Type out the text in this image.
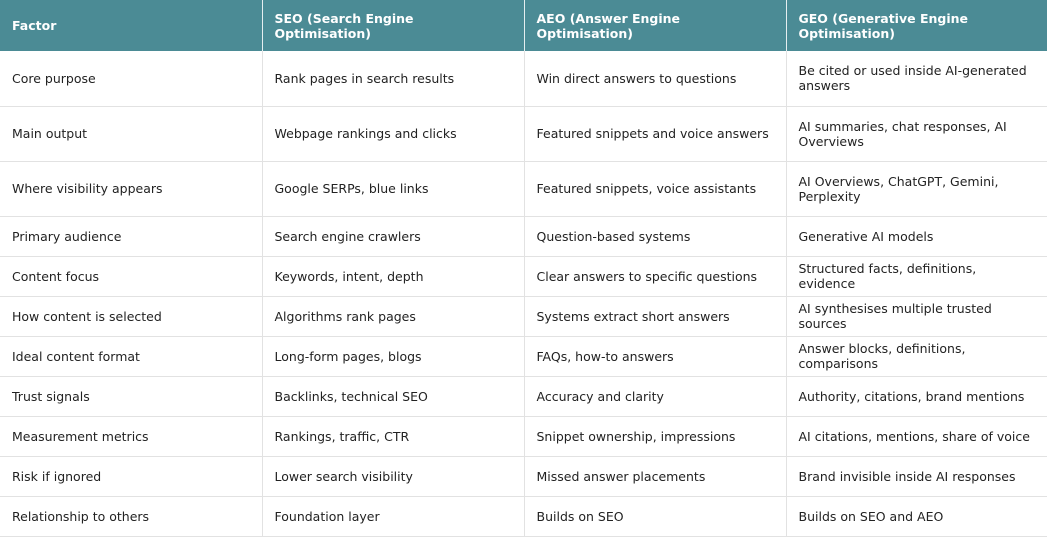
Factor	SEO (Search Engine Optimisation)	AEO (Answer Engine Optimisation)	GEO (Generative Engine Optimisation)
Core purpose	Rank pages in search results	Win direct answers to questions	Be cited or used inside AI-generated answers
Main output	Webpage rankings and clicks	Featured snippets and voice answers	AI summaries, chat responses, AI Overviews
Where visibility appears	Google SERPs, blue links	Featured snippets, voice assistants	AI Overviews, ChatGPT, Gemini, Perplexity
Primary audience	Search engine crawlers	Question-based systems	Generative AI models
Content focus	Keywords, intent, depth	Clear answers to specific questions	Structured facts, definitions, evidence
How content is selected	Algorithms rank pages	Systems extract short answers	AI synthesises multiple trusted sources
Ideal content format	Long-form pages, blogs	FAQs, how-to answers	Answer blocks, definitions, comparisons
Trust signals	Backlinks, technical SEO	Accuracy and clarity	Authority, citations, brand mentions
Measurement metrics	Rankings, traffic, CTR	Snippet ownership, impressions	AI citations, mentions, share of voice
Risk if ignored	Lower search visibility	Missed answer placements	Brand invisible inside AI responses
Relationship to others	Foundation layer	Builds on SEO	Builds on SEO and AEO
